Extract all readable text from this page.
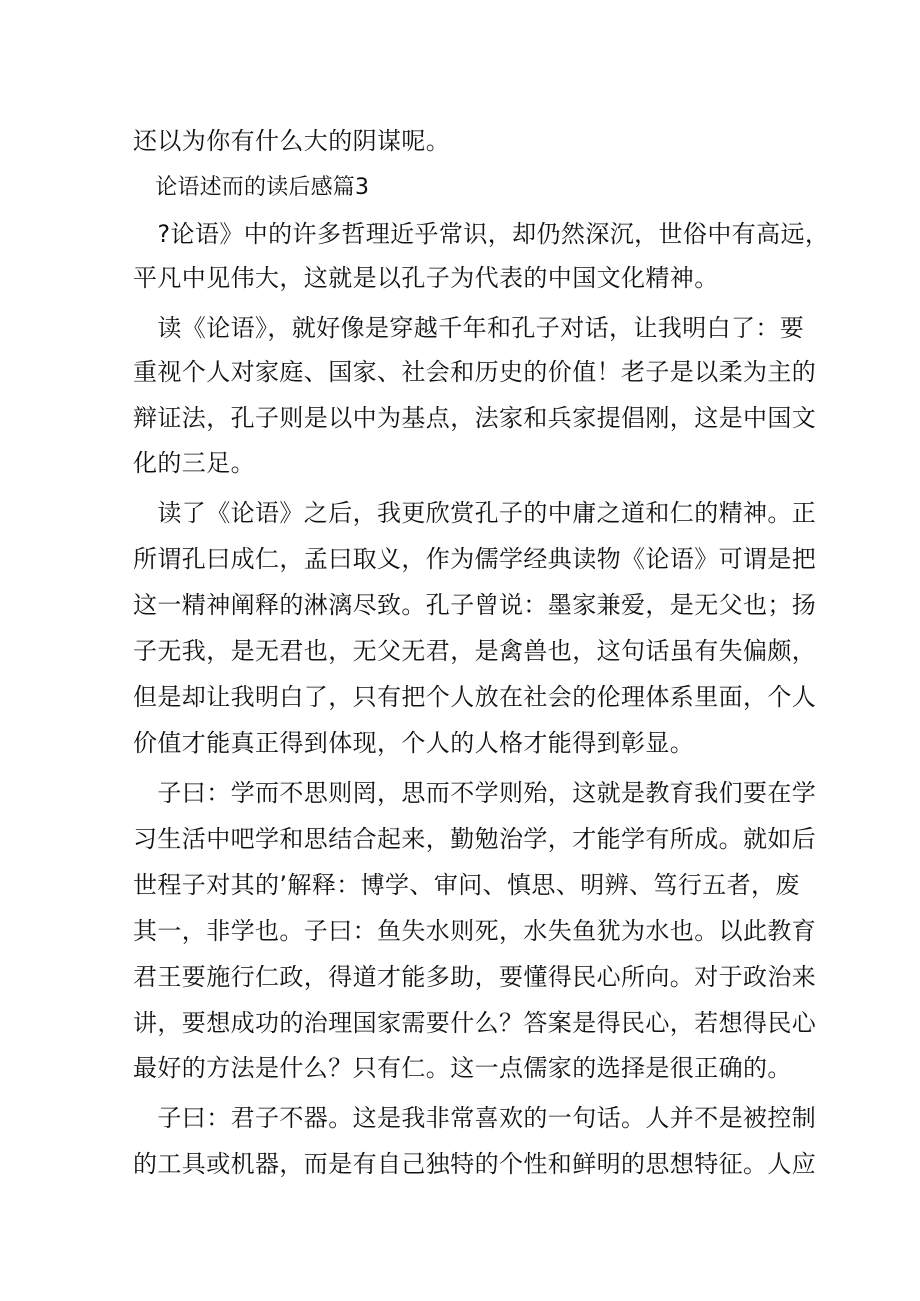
还以为你有什么大的阴谋呢。

　论语述而的读后感篇3

　?论语》中的许多哲理近乎常识，却仍然深沉，世俗中有高远，

平凡中见伟大，这就是以孔子为代表的中国文化精神。

　读《论语》，就好像是穿越千年和孔子对话，让我明白了：要

重视个人对家庭、国家、社会和历史的价值！老子是以柔为主的

辩证法，孔子则是以中为基点，法家和兵家提倡刚，这是中国文

化的三足。

　读了《论语》之后，我更欣赏孔子的中庸之道和仁的精神。正

所谓孔曰成仁，孟曰取义，作为儒学经典读物《论语》可谓是把

这一精神阐释的淋漓尽致。孔子曾说：墨家兼爱，是无父也；扬

子无我，是无君也，无父无君，是禽兽也，这句话虽有失偏颇，

但是却让我明白了，只有把个人放在社会的伦理体系里面，个人

价值才能真正得到体现，个人的人格才能得到彰显。

　子曰：学而不思则罔，思而不学则殆，这就是教育我们要在学

习生活中吧学和思结合起来，勤勉治学，才能学有所成。就如后

世程子对其的’解释：博学、审问、慎思、明辨、笃行五者，废

其一，非学也。子曰：鱼失水则死，水失鱼犹为水也。以此教育

君王要施行仁政，得道才能多助，要懂得民心所向。对于政治来

讲，要想成功的治理国家需要什么？答案是得民心，若想得民心

最好的方法是什么？只有仁。这一点儒家的选择是很正确的。

　子曰：君子不器。这是我非常喜欢的一句话。人并不是被控制

的工具或机器，而是有自己独特的个性和鲜明的思想特征。人应
